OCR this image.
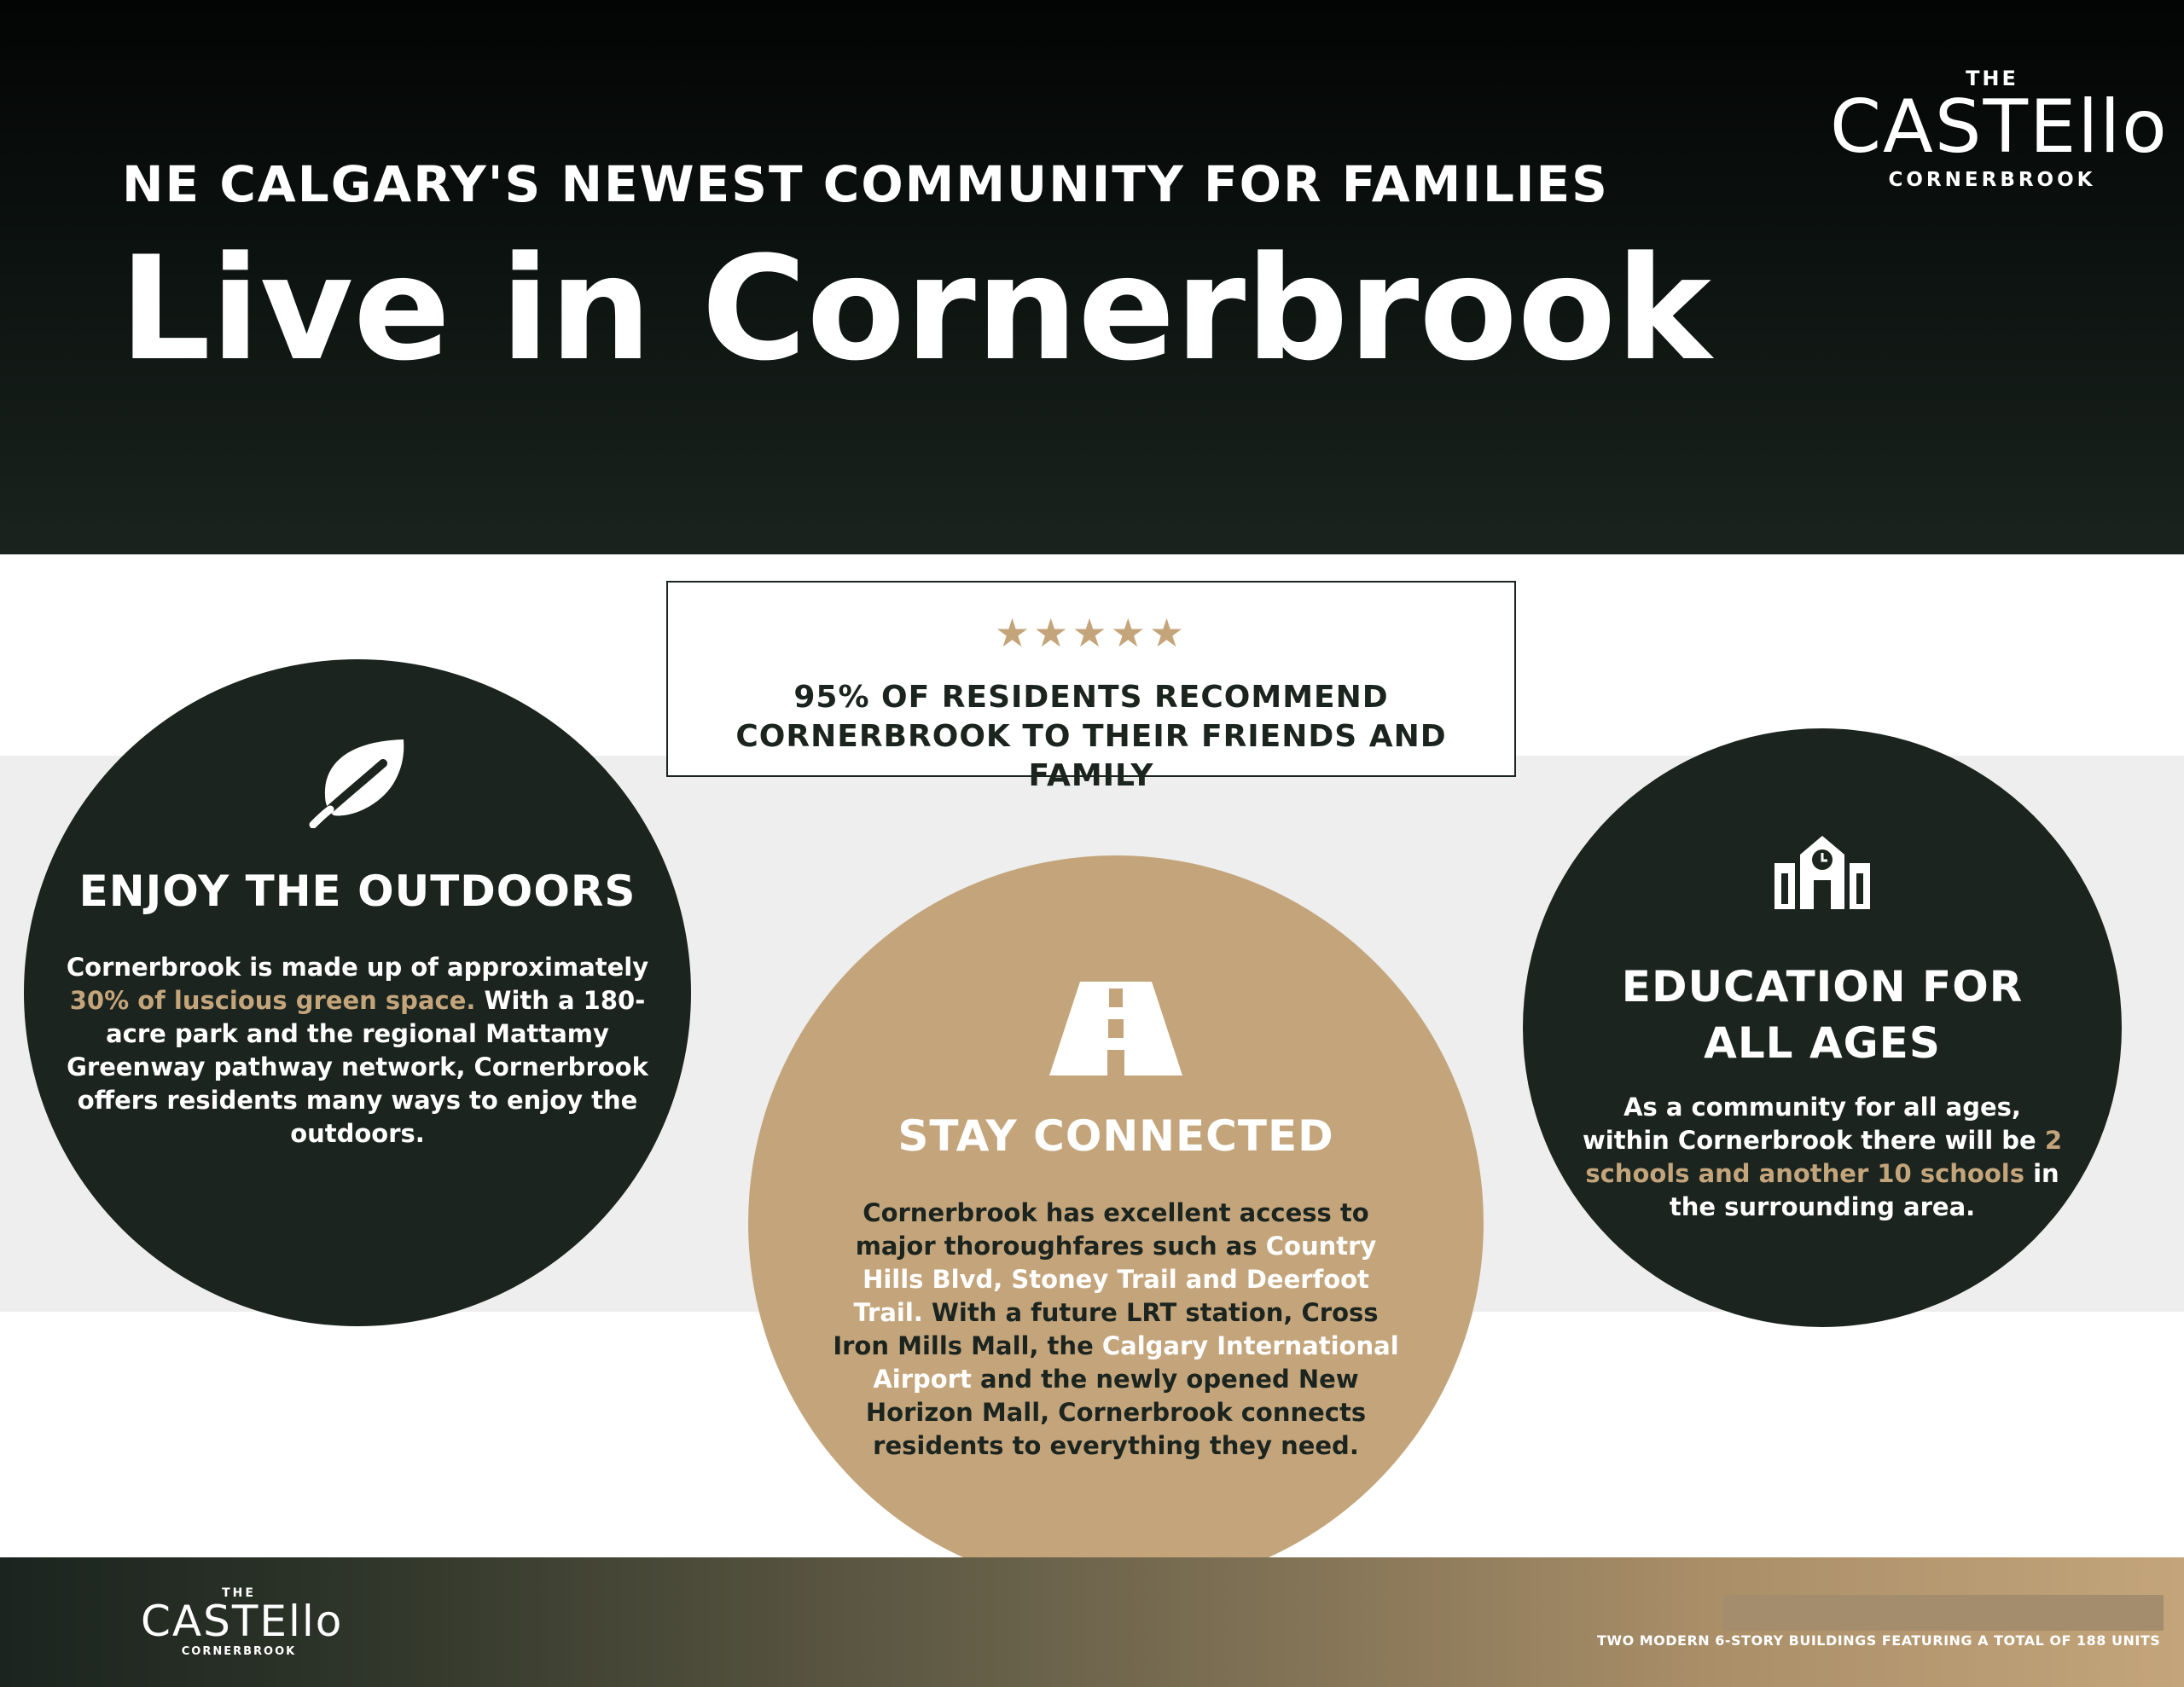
NE CALGARY'S NEWEST COMMUNITY FOR FAMILIES
Live in Cornerbrook
THE
CASTEllo
CORNERBROOK
★★★★★
95% OF RESIDENTS RECOMMEND
CORNERBROOK TO THEIR FRIENDS AND FAMILY
ENJOY THE OUTDOORS

Cornerbrook is made up of approximately 30% of luscious green space. With a 180-acre park and the regional Mattamy Greenway pathway network, Cornerbrook offers residents many ways to enjoy the outdoors.	STAY CONNECTED

Cornerbrook has excellent access to major thoroughfares such as Country Hills Blvd, Stoney Trail and Deerfoot Trail. With a future LRT station, Cross Iron Mills Mall, the Calgary International Airport and the newly opened New Horizon Mall, Cornerbrook connects residents to everything they need.

EDUCATION FOR
ALL AGES

As a community for all ages, within Cornerbrook there will be 2 schools and another 10 schools in the surrounding area.

THE
CASTEllo
CORNERBROOK

TWO MODERN 6-STORY BUILDINGS FEATURING A TOTAL OF 188 UNITS
